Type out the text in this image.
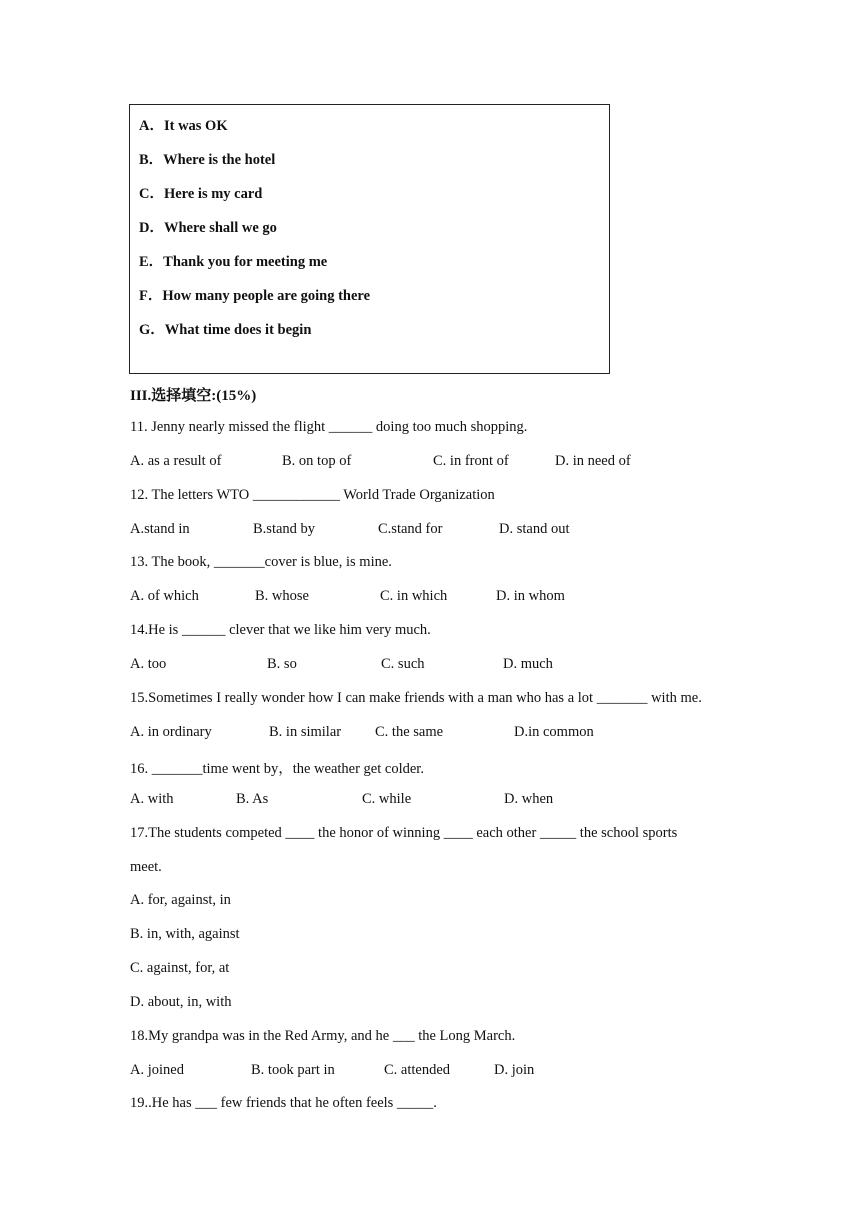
A．It was OK
B．Where is the hotel
C．Here is my card
D．Where shall we go
E．Thank you for meeting me
F．How many people are going there
G．What time does it begin
III.选择填空:(15%)
11. Jenny nearly missed the flight ______ doing too much shopping.
A. as a result of	B. on top of	C. in front of	D. in need of
12. The letters WTO ____________ World Trade Organization
A.stand in	B.stand by	C.stand for	D. stand out
13. The book, _______cover is blue, is mine.
A. of which	B. whose	C. in which	D. in whom
14.He is ______ clever that we like him very much.
A. too	B. so	C. such	D. much
15.Sometimes I really wonder how I can make friends with a man who has a lot _______ with me.
A. in ordinary	B. in similar C. the same	D.in common
16. _______time went by，the weather get colder.
A. with	B. As	C. while	D. when
17.The students competed ____ the honor of winning ____ each other _____ the school sports
meet.
A. for, against, in
B. in, with, against
C. against, for, at
D. about, in, with
18.My grandpa was in the Red Army, and he ___ the Long March.
A. joined	B. took part in	C. attended	D. join
19..He has ___ few friends that he often feels _____.
